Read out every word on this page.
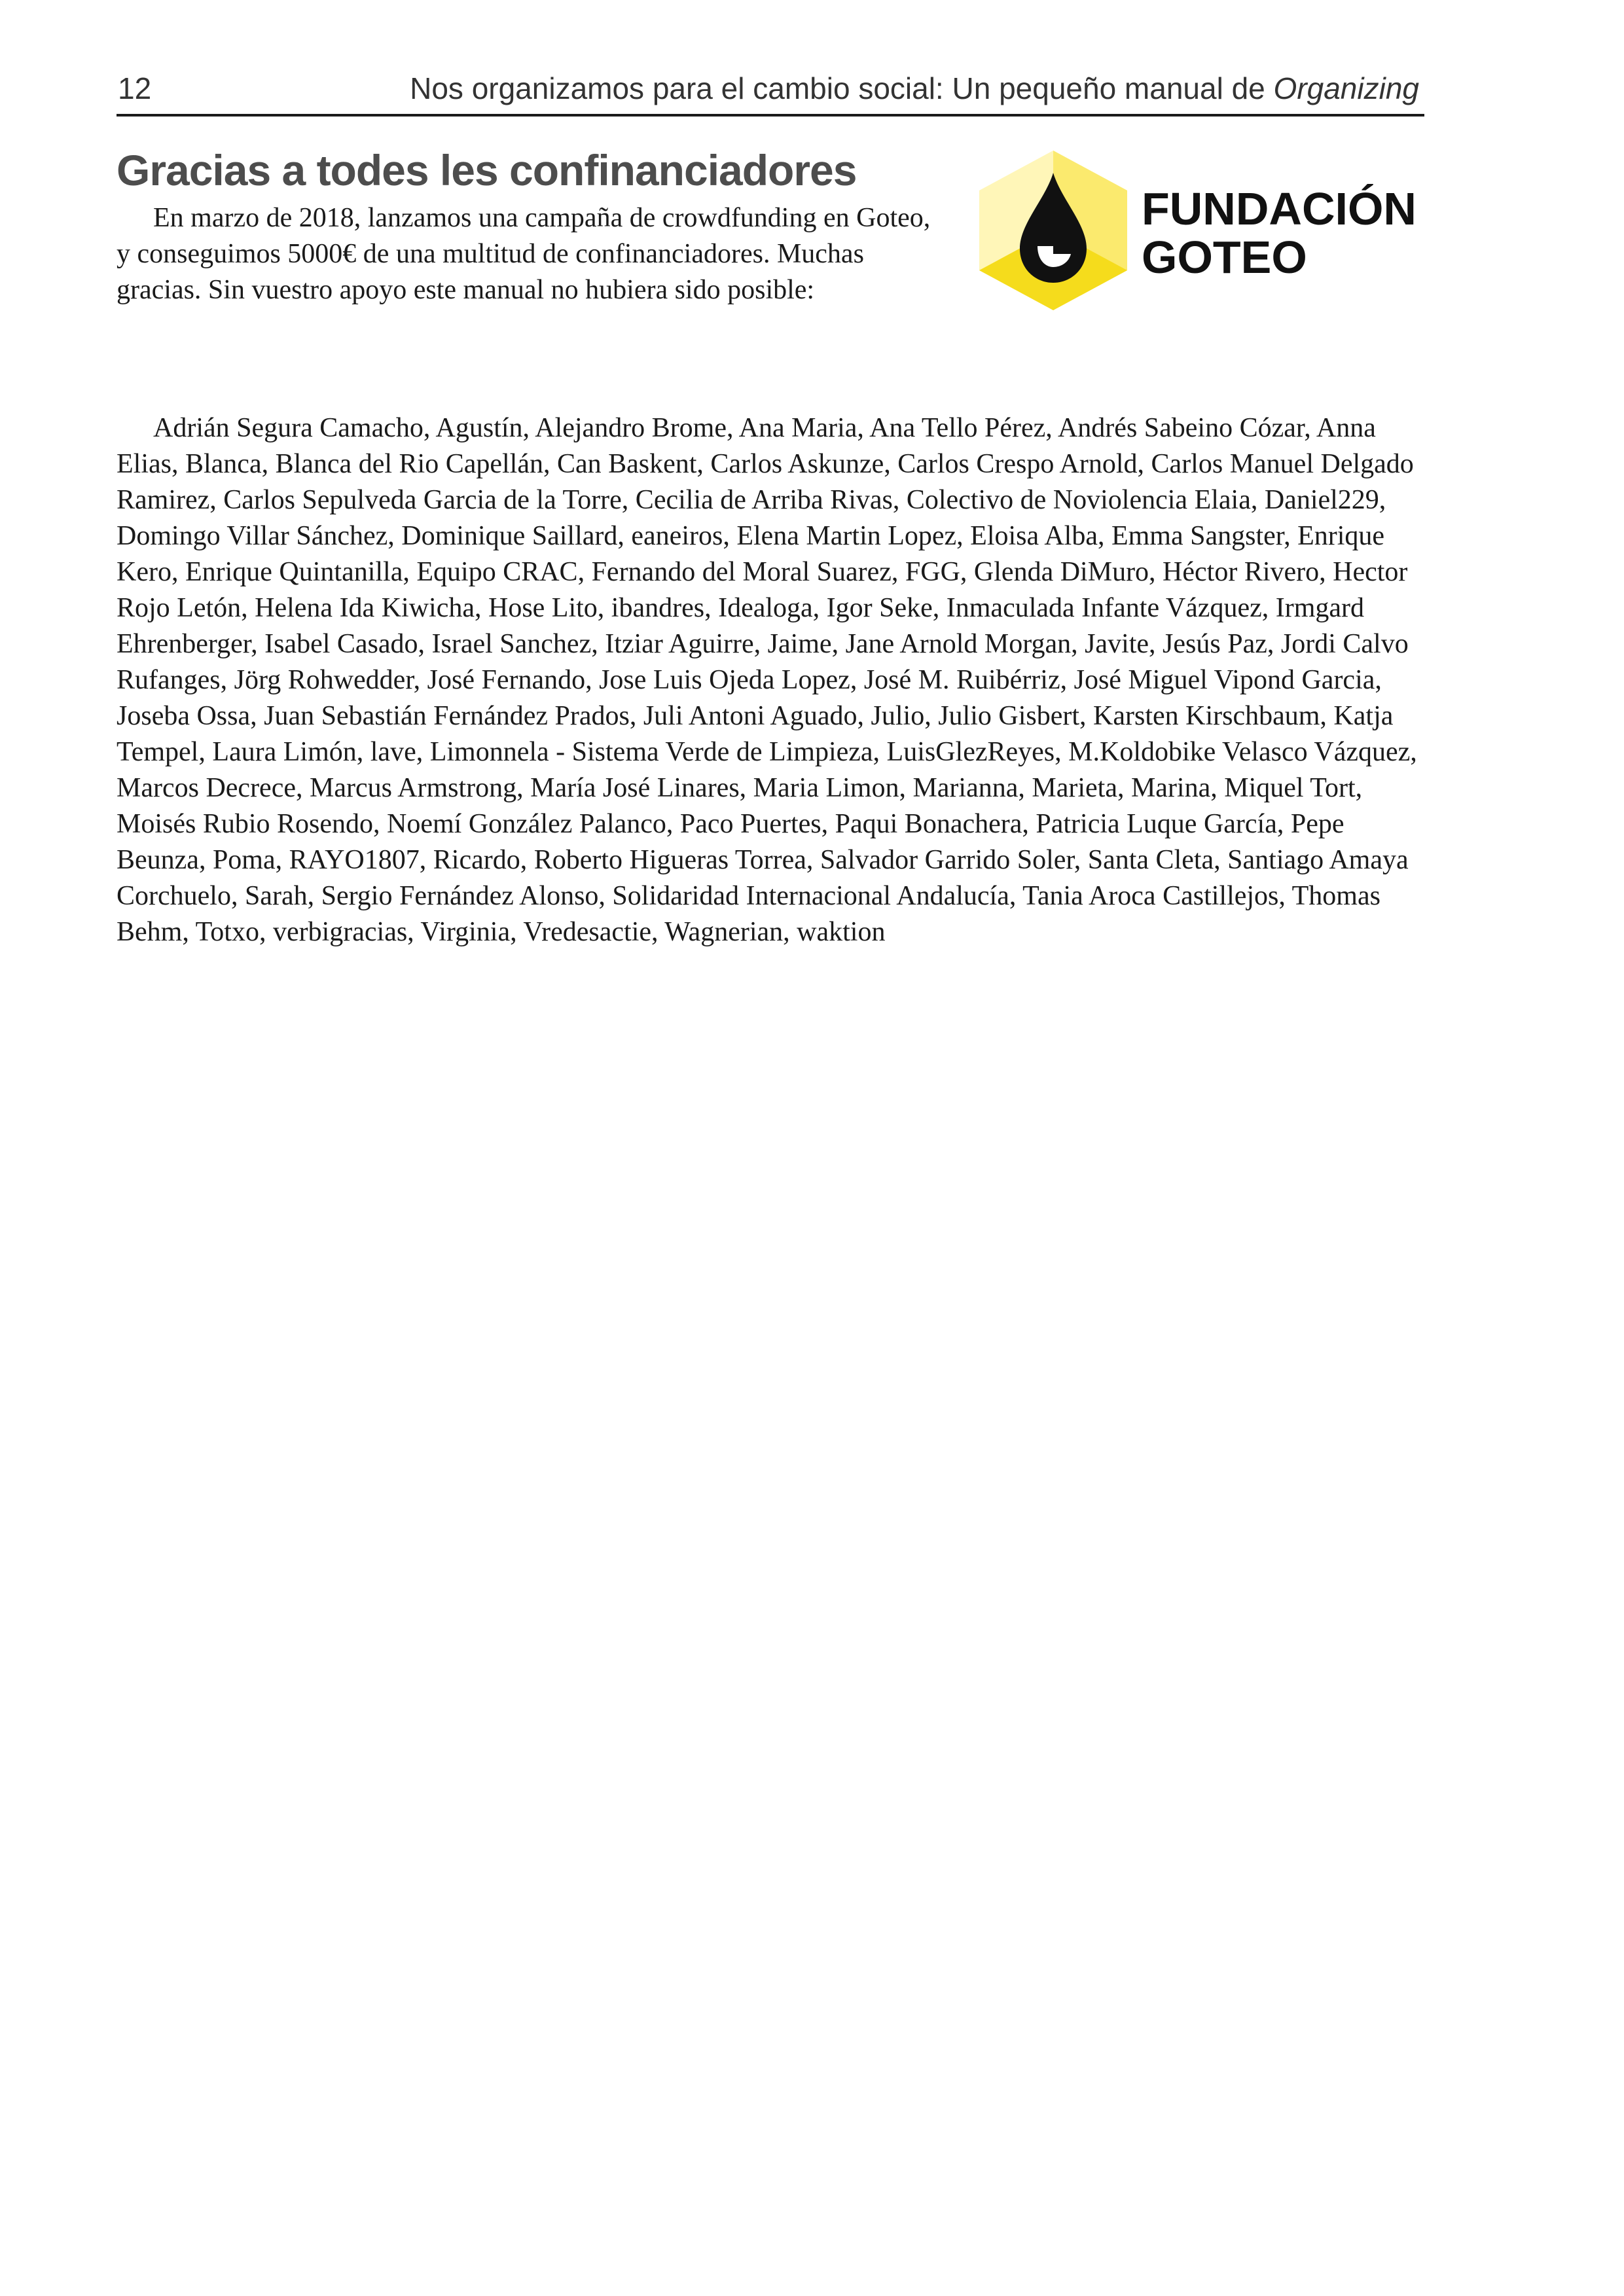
12	Nos organizamos para el cambio social: Un pequeño manual de Organizing
Gracias a todes les confinanciadores

En marzo de 2018, lanzamos una campaña de crowdfunding en Goteo, y conseguimos 5000€ de una multitud de confinanciadores. Muchas gracias. Sin vuestro apoyo este manual no hubiera sido posible:

FUNDACIÓN
GOTEO

Adrián Segura Camacho, Agustín, Alejandro Brome, Ana Maria, Ana Tello Pérez, Andrés Sabeino Cózar, Anna Elias, Blanca, Blanca del Rio Capellán, Can Baskent, Carlos Askunze, Carlos Crespo Arnold, Carlos Manuel Delgado Ramirez, Carlos Sepulveda Garcia de la Torre, Cecilia de Arriba Rivas, Colectivo de Noviolencia Elaia, Daniel229, Domingo Villar Sánchez, Dominique Saillard, eaneiros, Elena Martin Lopez, Eloisa Alba, Emma Sangster, Enrique Kero, Enrique Quintanilla, Equipo CRAC, Fernando del Moral Suarez, FGG, Glenda DiMuro, Héctor Rivero, Hector Rojo Letón, Helena Ida Kiwicha, Hose Lito, ibandres, Idealoga, Igor Seke, Inmaculada Infante Vázquez, Irmgard Ehrenberger, Isabel Casado, Israel Sanchez, Itziar Aguirre, Jaime, Jane Arnold Morgan, Javite, Jesús Paz, Jordi Calvo Rufanges, Jörg Rohwedder, José Fernando, Jose Luis Ojeda Lopez, José M. Ruibérriz, José Miguel Vipond Garcia, Joseba Ossa, Juan Sebastián Fernández Prados, Juli Antoni Aguado, Julio, Julio Gisbert, Karsten Kirschbaum, Katja Tempel, Laura Limón, lave, Limonnela - Sistema Verde de Limpieza, LuisGlezReyes, M.Koldobike Velasco Vázquez, Marcos Decrece, Marcus Armstrong, María José Linares, Maria Limon, Marianna, Marieta, Marina, Miquel Tort, Moisés Rubio Rosendo, Noemí González Palanco, Paco Puertes, Paqui Bonachera, Patricia Luque García, Pepe Beunza, Poma, RAYO1807, Ricardo, Roberto Higueras Torrea, Salvador Garrido Soler, Santa Cleta, Santiago Amaya Corchuelo, Sarah, Sergio Fernández Alonso, Solidaridad Internacional Andalucía, Tania Aroca Castillejos, Thomas Behm, Totxo, verbigracias, Virginia, Vredesactie, Wagnerian, waktion
